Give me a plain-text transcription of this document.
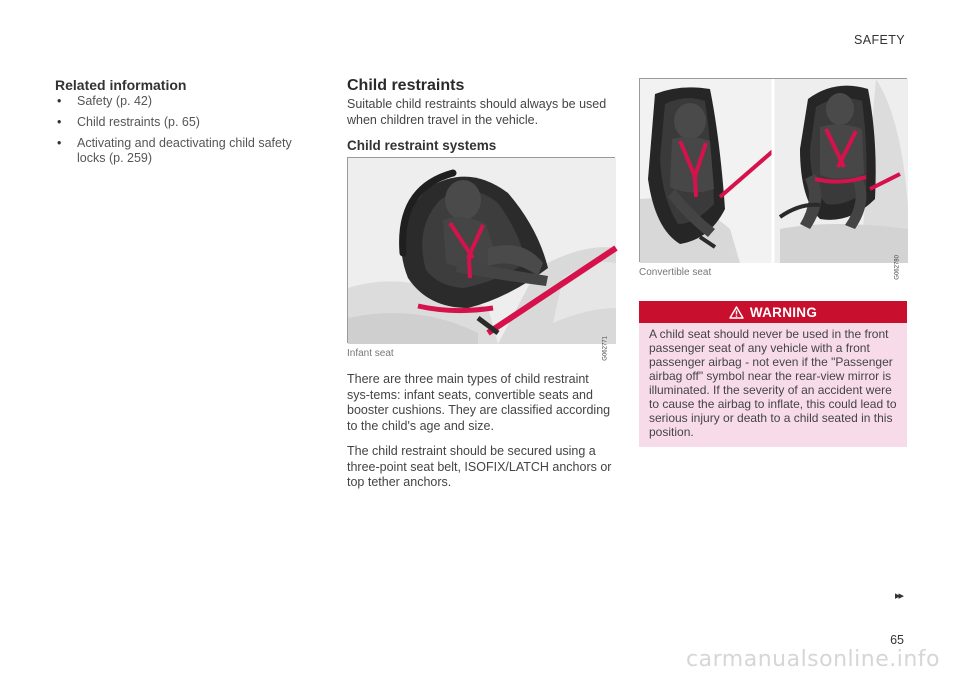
SAFETY
Related information
• Safety (p. 42)
• Child restraints (p. 65)
• Activating and deactivating child safety locks (p. 259)
Child restraints

Suitable child restraints should always be used when children travel in the vehicle.

Child restraint systems
G062771
Infant seat

There are three main types of child restraint sys-tems: infant seats, convertible seats and booster cushions. They are classified according to the child's age and size.

The child restraint should be secured using a three-point seat belt, ISOFIX/LATCH anchors or top tether anchors.

G062780
Convertible seat
WARNING
A child seat should never be used in the front passenger seat of any vehicle with a front passenger airbag - not even if the "Passenger airbag off" symbol near the rear-view mirror is illuminated. If the severity of an accident were to cause the airbag to inflate, this could lead to serious injury or death to a child seated in this position.
▸▸
65
carmanualsonline.info
